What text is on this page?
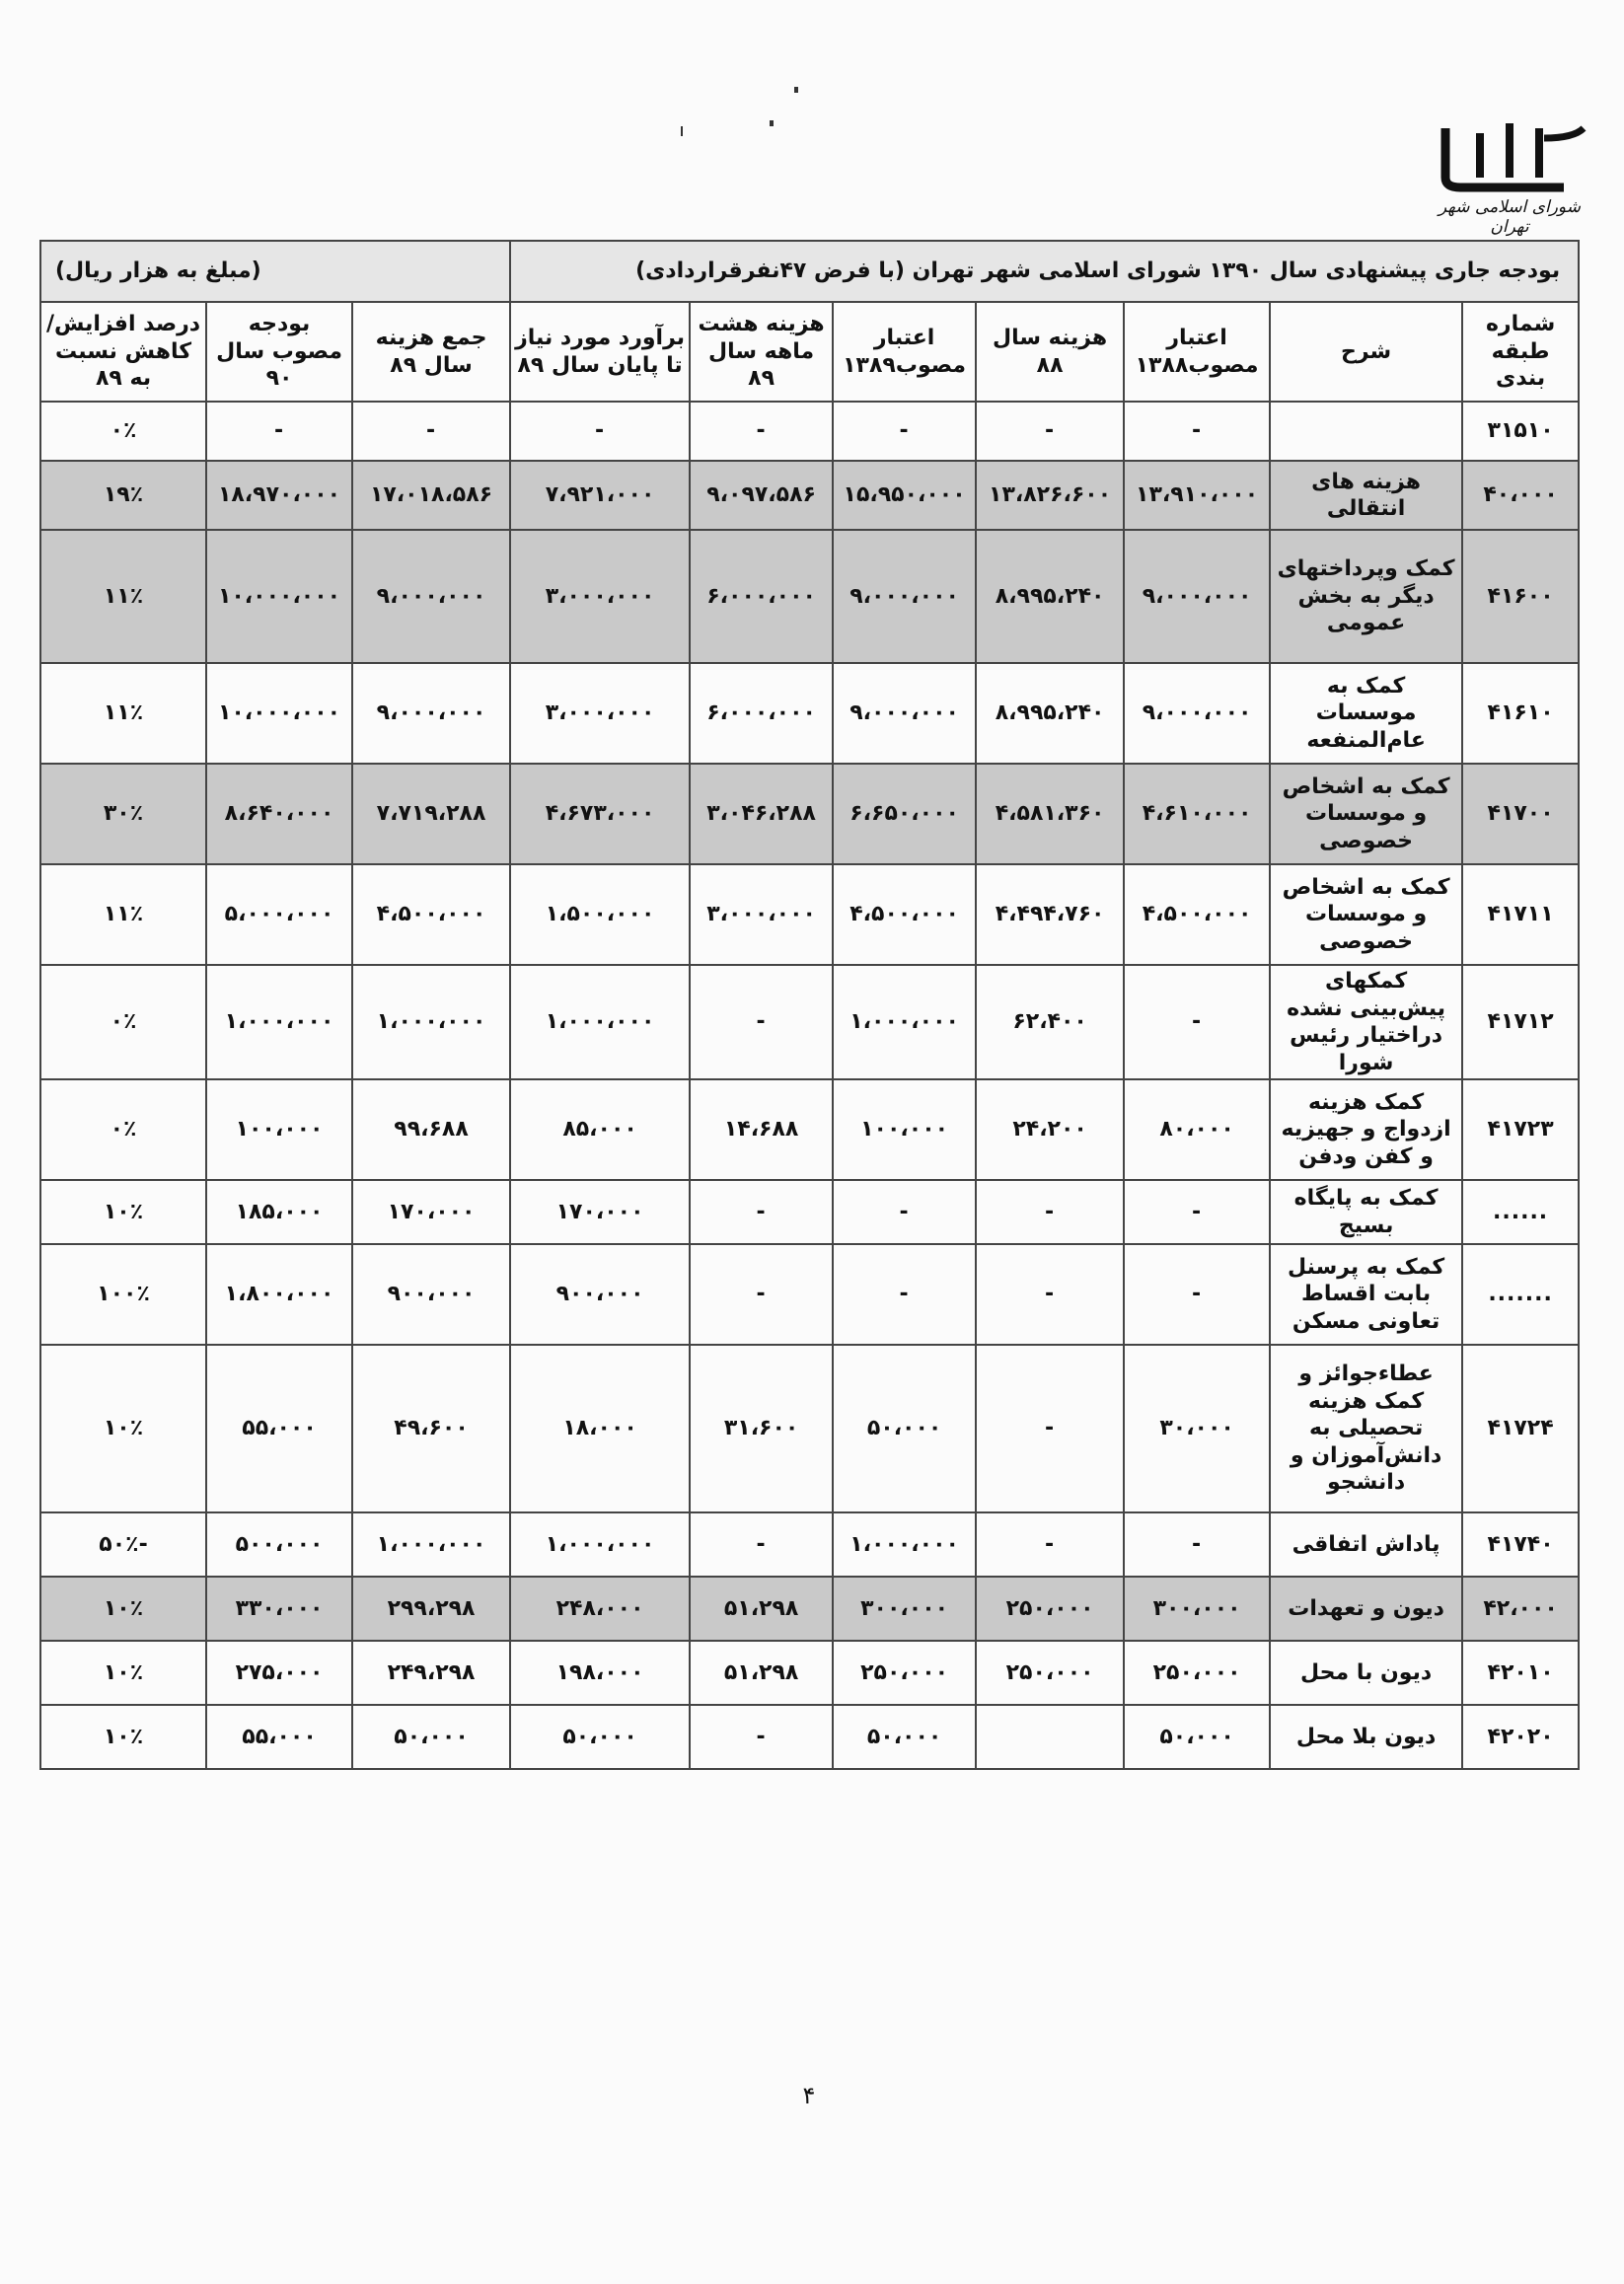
شورای اسلامی شهر تهران
بودجه جاری پیشنهادی سال ۱۳۹۰ شورای اسلامی شهر تهران (با فرض ۴۷نفرقراردادی)							(مبلغ به هزار ریال)		
شماره طبقه بندی	شرح	اعتبار مصوب۱۳۸۸	هزینه سال ۸۸	اعتبار مصوب۱۳۸۹	هزینه هشت ماهه سال ۸۹	برآورد مورد نیاز تا پایان سال ۸۹	جمع هزینه سال ۸۹	بودجه مصوب سال ۹۰	درصد افزایش/کاهش نسبت به ۸۹
۳۱۵۱۰		-	-	-	-	-	-	-	۰٪
۴۰،۰۰۰	هزینه های انتقالی	۱۳،۹۱۰،۰۰۰	۱۳،۸۲۶،۶۰۰	۱۵،۹۵۰،۰۰۰	۹،۰۹۷،۵۸۶	۷،۹۲۱،۰۰۰	۱۷،۰۱۸،۵۸۶	۱۸،۹۷۰،۰۰۰	۱۹٪
۴۱۶۰۰	کمک وپرداختهای دیگر به بخش عمومی	۹،۰۰۰،۰۰۰	۸،۹۹۵،۲۴۰	۹،۰۰۰،۰۰۰	۶،۰۰۰،۰۰۰	۳،۰۰۰،۰۰۰	۹،۰۰۰،۰۰۰	۱۰،۰۰۰،۰۰۰	۱۱٪
۴۱۶۱۰	کمک به موسسات عام‌المنفعه	۹،۰۰۰،۰۰۰	۸،۹۹۵،۲۴۰	۹،۰۰۰،۰۰۰	۶،۰۰۰،۰۰۰	۳،۰۰۰،۰۰۰	۹،۰۰۰،۰۰۰	۱۰،۰۰۰،۰۰۰	۱۱٪
۴۱۷۰۰	کمک به اشخاص و موسسات خصوصی	۴،۶۱۰،۰۰۰	۴،۵۸۱،۳۶۰	۶،۶۵۰،۰۰۰	۳،۰۴۶،۲۸۸	۴،۶۷۳،۰۰۰	۷،۷۱۹،۲۸۸	۸،۶۴۰،۰۰۰	۳۰٪
۴۱۷۱۱	کمک به اشخاص و موسسات خصوصی	۴،۵۰۰،۰۰۰	۴،۴۹۴،۷۶۰	۴،۵۰۰،۰۰۰	۳،۰۰۰،۰۰۰	۱،۵۰۰،۰۰۰	۴،۵۰۰،۰۰۰	۵،۰۰۰،۰۰۰	۱۱٪
۴۱۷۱۲	کمکهای پیش‌بینی نشده دراختیار رئیس شورا	-	۶۲،۴۰۰	۱،۰۰۰،۰۰۰	-	۱،۰۰۰،۰۰۰	۱،۰۰۰،۰۰۰	۱،۰۰۰،۰۰۰	۰٪
۴۱۷۲۳	کمک هزینه ازدواج و جهیزیه و کفن ودفن	۸۰،۰۰۰	۲۴،۲۰۰	۱۰۰،۰۰۰	۱۴،۶۸۸	۸۵،۰۰۰	۹۹،۶۸۸	۱۰۰،۰۰۰	۰٪
......	کمک به پایگاه بسیج	-	-	-	-	۱۷۰،۰۰۰	۱۷۰،۰۰۰	۱۸۵،۰۰۰	۱۰٪
.......	کمک به پرسنل بابت اقساط تعاونی مسکن	-	-	-	-	۹۰۰،۰۰۰	۹۰۰،۰۰۰	۱،۸۰۰،۰۰۰	۱۰۰٪
۴۱۷۲۴	عطاءجوائز و کمک هزینه تحصیلی به دانش‌آموزان و دانشجو	۳۰،۰۰۰	-	۵۰،۰۰۰	۳۱،۶۰۰	۱۸،۰۰۰	۴۹،۶۰۰	۵۵،۰۰۰	۱۰٪
۴۱۷۴۰	پاداش اتفاقی	-	-	۱،۰۰۰،۰۰۰	-	۱،۰۰۰،۰۰۰	۱،۰۰۰،۰۰۰	۵۰۰،۰۰۰	-۵۰٪
۴۲،۰۰۰	دیون و تعهدات	۳۰۰،۰۰۰	۲۵۰،۰۰۰	۳۰۰،۰۰۰	۵۱،۲۹۸	۲۴۸،۰۰۰	۲۹۹،۲۹۸	۳۳۰،۰۰۰	۱۰٪
۴۲۰۱۰	دیون با محل	۲۵۰،۰۰۰	۲۵۰،۰۰۰	۲۵۰،۰۰۰	۵۱،۲۹۸	۱۹۸،۰۰۰	۲۴۹،۲۹۸	۲۷۵،۰۰۰	۱۰٪
۴۲۰۲۰	دیون بلا محل	۵۰،۰۰۰		۵۰،۰۰۰	-	۵۰،۰۰۰	۵۰،۰۰۰	۵۵،۰۰۰	۱۰٪
۴
